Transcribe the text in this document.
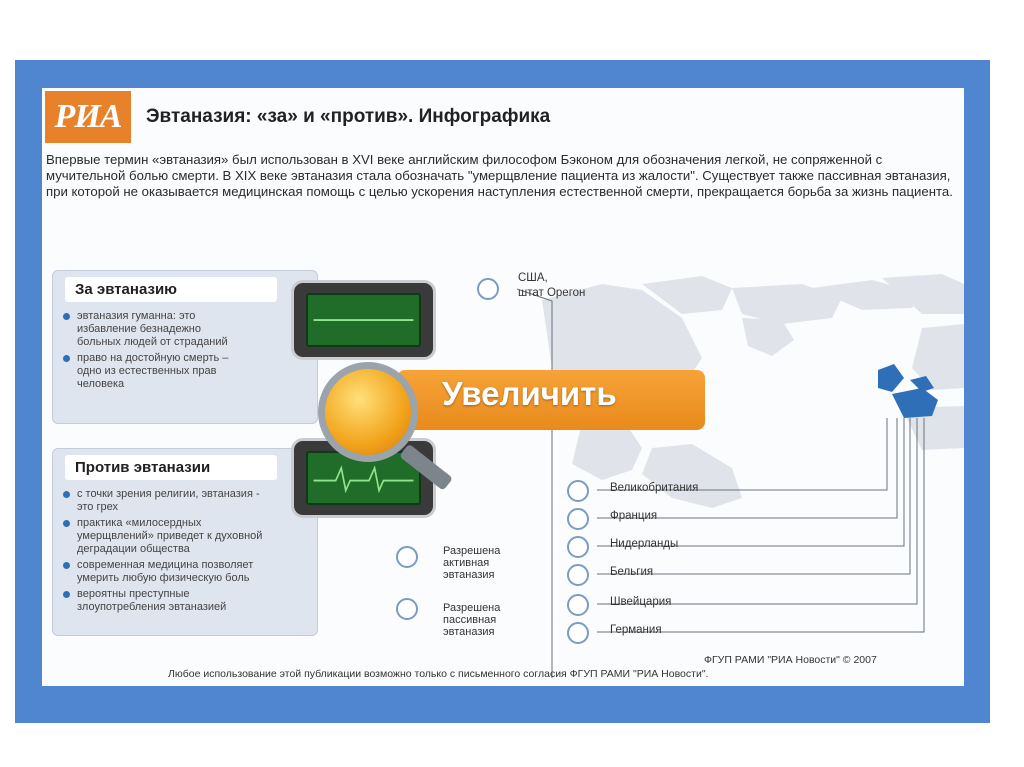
РИА	Эвтаназия: «за» и «против». Инфографика

Впервые термин «эвтаназия» был использован в XVI веке английским философом Бэконом для обозначения легкой, не сопряженной с мучительной болью смерти. В XIX веке эвтаназия стала обозначать "умерщвление пациента из жалости". Существует также пассивная эвтаназия, при которой не оказывается медицинская помощь с целью ускорения наступления естественной смерти, прекращается борьба за жизнь пациента.

За эвтаназию
эвтаназия гуманна: это избавление безнадежно больных людей от страданий
право на достойную смерть – одно из естественных прав человека
Против эвтаназии
с точки зрения религии, эвтаназия - это грех
практика «милосердных умерщвлений» приведет к духовной деградации общества
современная медицина позволяет умерить любую физическую боль
вероятны преступные злоупотребления эвтаназией
Увеличить
США,
штат Орегон
Великобритания
Франция
Нидерланды
Бельгия
Швейцария
Германия
Разрешена
активная
эвтаназия
Разрешена
пассивная
эвтаназия
ФГУП РАМИ "РИА Новости" © 2007
Любое использование этой публикации возможно только с письменного согласия ФГУП РАМИ "РИА Новости".
